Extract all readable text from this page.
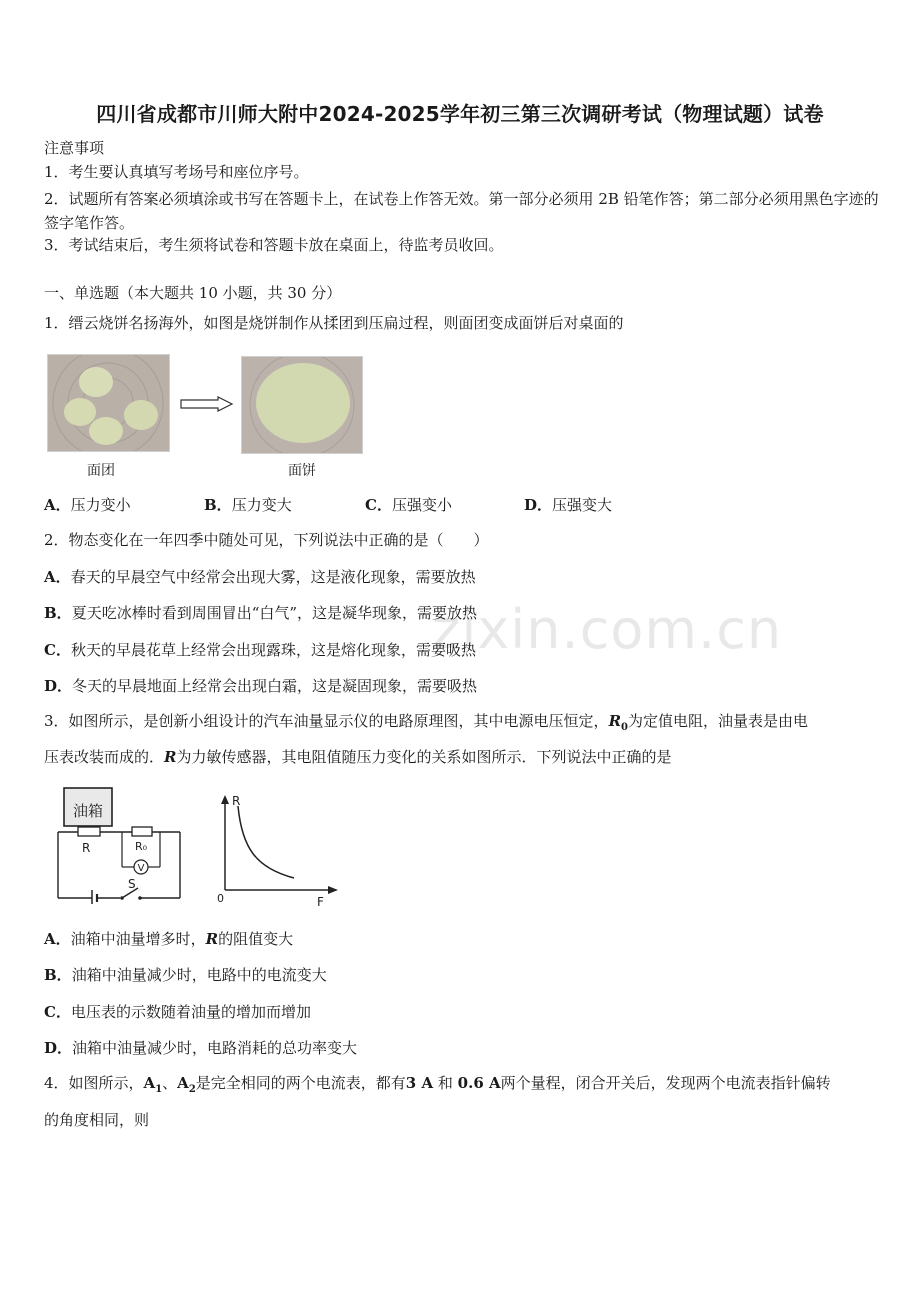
四川省成都市川师大附中2024-2025学年初三第三次调研考试（物理试题）试卷
注意事项
1．考生要认真填写考场号和座位序号。
2．试题所有答案必须填涂或书写在答题卡上，在试卷上作答无效。第一部分必须用 2B 铅笔作答；第二部分必须用黑色字迹的签字笔作答。
3．考试结束后，考生须将试卷和答题卡放在桌面上，待监考员收回。
一、单选题（本大题共 10 小题，共 30 分）
1．缙云烧饼名扬海外，如图是烧饼制作从揉团到压扁过程，则面团变成面饼后对桌面的
面团	面饼
A．压力变小	B．压力变大	C．压强变小	D．压强变大
2．物态变化在一年四季中随处可见，下列说法中正确的是（　　）
A．春天的早晨空气中经常会出现大雾，这是液化现象，需要放热
B．夏天吃冰棒时看到周围冒出“白气”，这是凝华现象，需要放热
C．秋天的早晨花草上经常会出现露珠，这是熔化现象，需要吸热
D．冬天的早晨地面上经常会出现白霜，这是凝固现象，需要吸热
zixin.com.cn
3．如图所示，是创新小组设计的汽车油量显示仪的电路原理图，其中电源电压恒定，$R_0$为定值电阻，油量表是由电
压表改装而成的．R为力敏传感器，其电阻值随压力变化的关系如图所示．下列说法中正确的是
油箱
R	R₀
V
S
R
F
0
A．油箱中油量增多时，R的阻值变大
B．油箱中油量减少时，电路中的电流变大
C．电压表的示数随着油量的增加而增加
D．油箱中油量减少时，电路消耗的总功率变大
4．如图所示，$A_1$、$A_2$是完全相同的两个电流表，都有3 A 和 0.6 A两个量程，闭合开关后，发现两个电流表指针偏转
的角度相同，则
